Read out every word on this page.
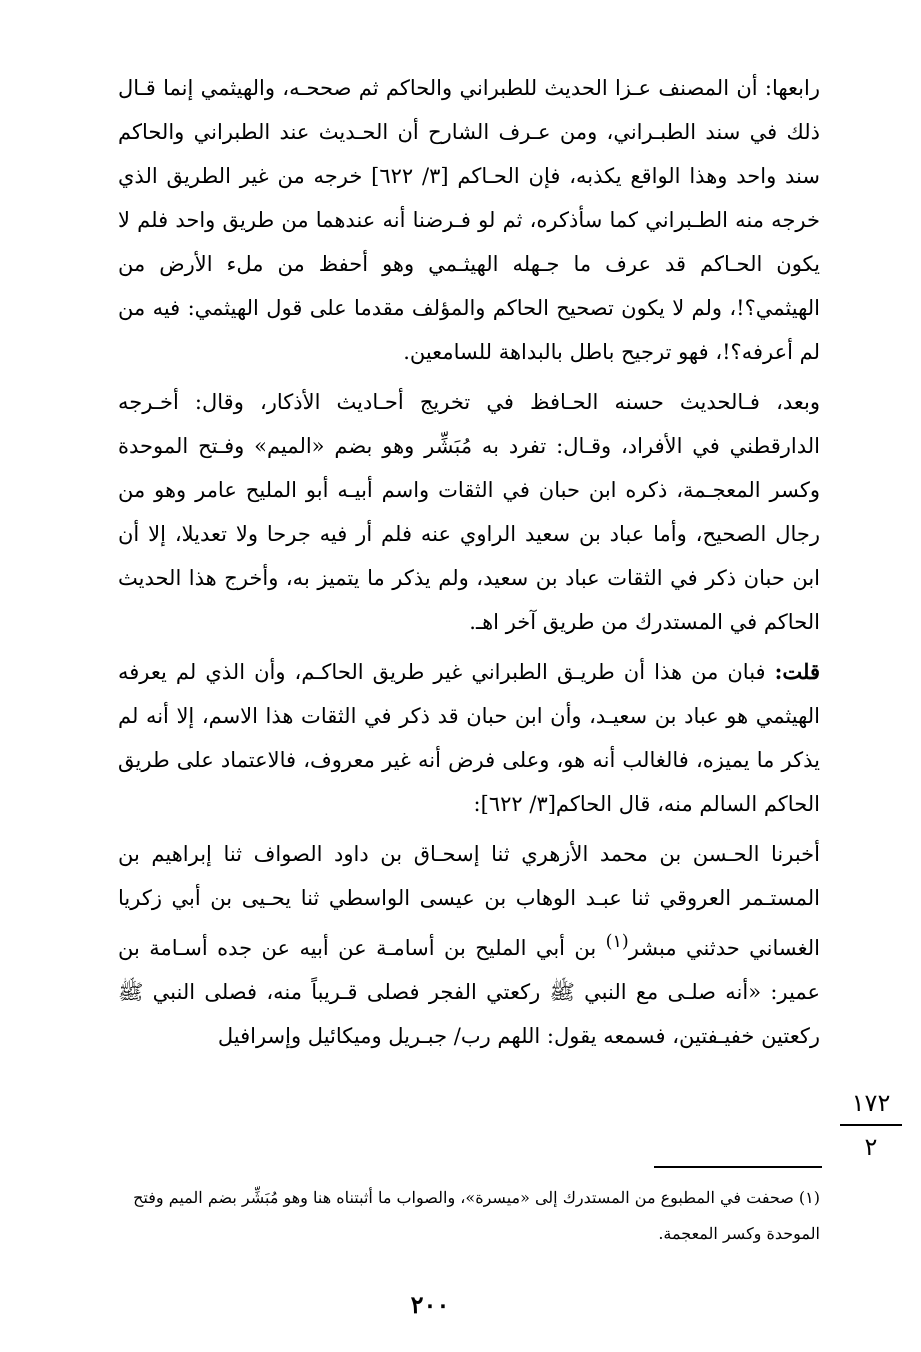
رابعها: أن المصنف عـزا الحديث للطبراني والحاكم ثم صححـه، والهيثمي إنما قـال ذلك في سند الطبـراني، ومن عـرف الشارح أن الحـديث عند الطبراني والحاكم سند واحد وهذا الواقع يكذبه، فإن الحـاكم [٣/ ٦٢٢] خرجه من غير الطريق الذي خرجه منه الطـبراني كما سأذكره، ثم لو فـرضنا أنه عندهما من طريق واحد فلم لا يكون الحـاكم قد عرف ما جـهله الهيثـمي وهو أحفظ من ملء الأرض من الهيثمي؟!، ولم لا يكون تصحيح الحاكم والمؤلف مقدما على قول الهيثمي: فيه من لم أعرفه؟!، فهو ترجيح باطل بالبداهة للسامعين.

وبعد، فـالحديث حسنه الحـافظ في تخريج أحـاديث الأذكار، وقال: أخـرجه الدارقطني في الأفراد، وقـال: تفرد به مُبَشِّر وهو بضم «الميم» وفـتح الموحدة وكسر المعجـمة، ذكره ابن حبان في الثقات واسم أبيـه أبو المليح عامر وهو من رجال الصحيح، وأما عباد بن سعيد الراوي عنه فلم أر فيه جرحا ولا تعديلا، إلا أن ابن حبان ذكر في الثقات عباد بن سعيد، ولم يذكر ما يتميز به، وأخرج هذا الحديث الحاكم في المستدرك من طريق آخر اهـ.

قلت: فبان من هذا أن طريـق الطبراني غير طريق الحاكـم، وأن الذي لم يعرفه الهيثمي هو عباد بن سعيـد، وأن ابن حبان قد ذكر في الثقات هذا الاسم، إلا أنه لم يذكر ما يميزه، فالغالب أنه هو، وعلى فرض أنه غير معروف، فالاعتماد على طريق الحاكم السالم منه، قال الحاكم[٣/ ٦٢٢]:

أخبرنا الحـسن بن محمد الأزهري ثنا إسحـاق بن داود الصواف ثنا إبراهيم بن المستـمر العروقي ثنا عبـد الوهاب بن عيسى الواسطي ثنا يحـيى بن أبي زكريا الغساني حدثني مبشر$^{(١)}$ بن أبي المليح بن أسامـة عن أبيه عن جده أسـامة بن عمير: «أنه صلـى مع النبي ﷺ ركعتي الفجر فصلى قـريباً منه، فصلى النبي ﷺ ركعتين خفيـفتين، فسمعه يقول: اللهم رب/ جبـريل وميكائيل وإسرافيل

١٧٢
٢

(١) صحفت في المطبوع من المستدرك إلى «ميسرة»، والصواب ما أثبتناه هنا وهو مُبَشِّر بضم الميم وفتح الموحدة وكسر المعجمة.

٢٠٠
